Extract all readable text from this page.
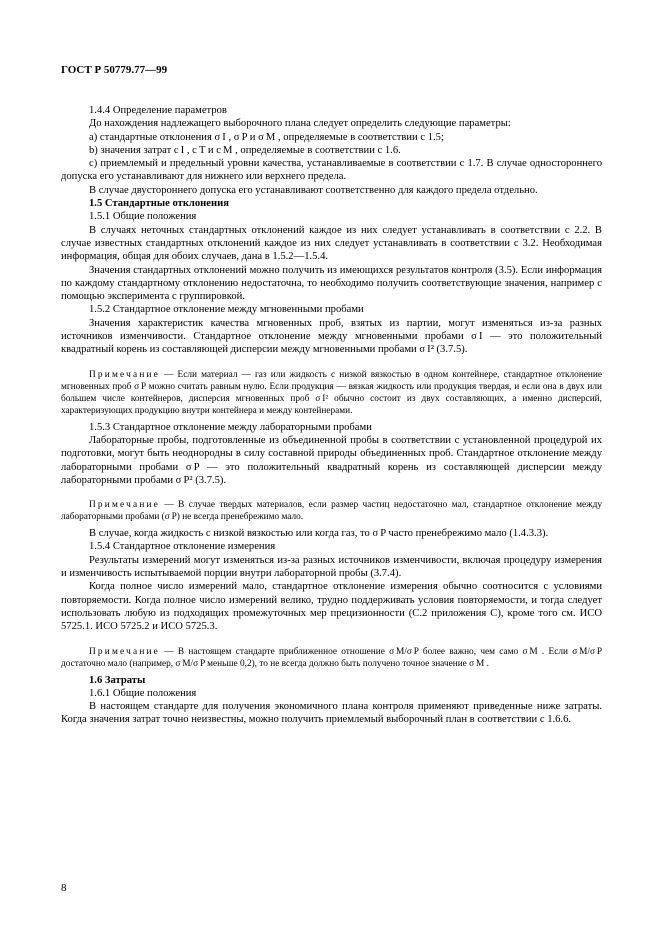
ГОСТ Р 50779.77—99

1.4.4 Определение параметров

До нахождения надлежащего выборочного плана следует определить следующие параметры:

а) стандартные отклонения σ I , σ P и σ M , определяемые в соответствии с 1.5;

b) значения затрат c I , c T и c M , определяемые в соответствии с 1.6.

с) приемлемый и предельный уровни качества, устанавливаемые в соответствии с 1.7. В случае одностороннего допуска его устанавливают для нижнего или верхнего предела.

В случае двустороннего допуска его устанавливают соответственно для каждого предела отдельно.

1.5 Стандартные отклонения

1.5.1 Общие положения

В случаях неточных стандартных отклонений каждое из них следует устанавливать в соответствии с 2.2. В случае известных стандартных отклонений каждое из них следует устанавливать в соответствии с 3.2. Необходимая информация, общая для обоих случаев, дана в 1.5.2—1.5.4.

Значения стандартных отклонений можно получить из имеющихся результатов контроля (3.5). Если информация по каждому стандартному отклонению недостаточна, то необходимо получить соответствующие значения, например с помощью эксперимента с группировкой.

1.5.2 Стандартное отклонение между мгновенными пробами

Значения характеристик качества мгновенных проб, взятых из партии, могут изменяться из-за разных источников изменчивости. Стандартное отклонение между мгновенными пробами σ I — это положительный квадратный корень из составляющей дисперсии между мгновенными пробами σ I² (3.7.5).

Примечание — Если материал — газ или жидкость с низкой вязкостью в одном контейнере, стандартное отклонение мгновенных проб σ P можно считать равным нулю. Если продукция — вязкая жидкость или продукция твердая, и если она в двух или большем числе контейнеров, дисперсия мгновенных проб σ I² обычно состоит из двух составляющих, а именно дисперсий, характеризующих продукцию внутри контейнера и между контейнерами.

1.5.3 Стандартное отклонение между лабораторными пробами

Лабораторные пробы, подготовленные из объединенной пробы в соответствии с установленной процедурой их подготовки, могут быть неоднородны в силу составной природы объединенных проб. Стандартное отклонение между лабораторными пробами σ P — это положительный квадратный корень из составляющей дисперсии между лабораторными пробами σ P² (3.7.5).

Примечание — В случае твердых материалов, если размер частиц недостаточно мал, стандартное отклонение между лабораторными пробами (σ P) не всегда пренебрежимо мало.

В случае, когда жидкость с низкой вязкостью или когда газ, то σ P часто пренебрежимо мало (1.4.3.3).

1.5.4 Стандартное отклонение измерения

Результаты измерений могут изменяться из-за разных источников изменчивости, включая процедуру измерения и изменчивость испытываемой порции внутри лабораторной пробы (3.7.4).

Когда полное число измерений мало, стандартное отклонение измерения обычно соотносится с условиями повторяемости. Когда полное число измерений велико, трудно поддерживать условия повторяемости, и тогда следует использовать любую из подходящих промежуточных мер прецизионности (С.2 приложения С), кроме того см. ИСО 5725.1. ИСО 5725.2 и ИСО 5725.3.

Примечание — В настоящем стандарте приближенное отношение σ M/σ P более важно, чем само σ M . Если σ M/σ P достаточно мало (например, σ M/σ P меньше 0,2), то не всегда должно быть получено точное значение σ M .

1.6 Затраты

1.6.1 Общие положения

В настоящем стандарте для получения экономичного плана контроля применяют приведенные ниже затраты. Когда значения затрат точно неизвестны, можно получить приемлемый выборочный план в соответствии с 1.6.6.

8
